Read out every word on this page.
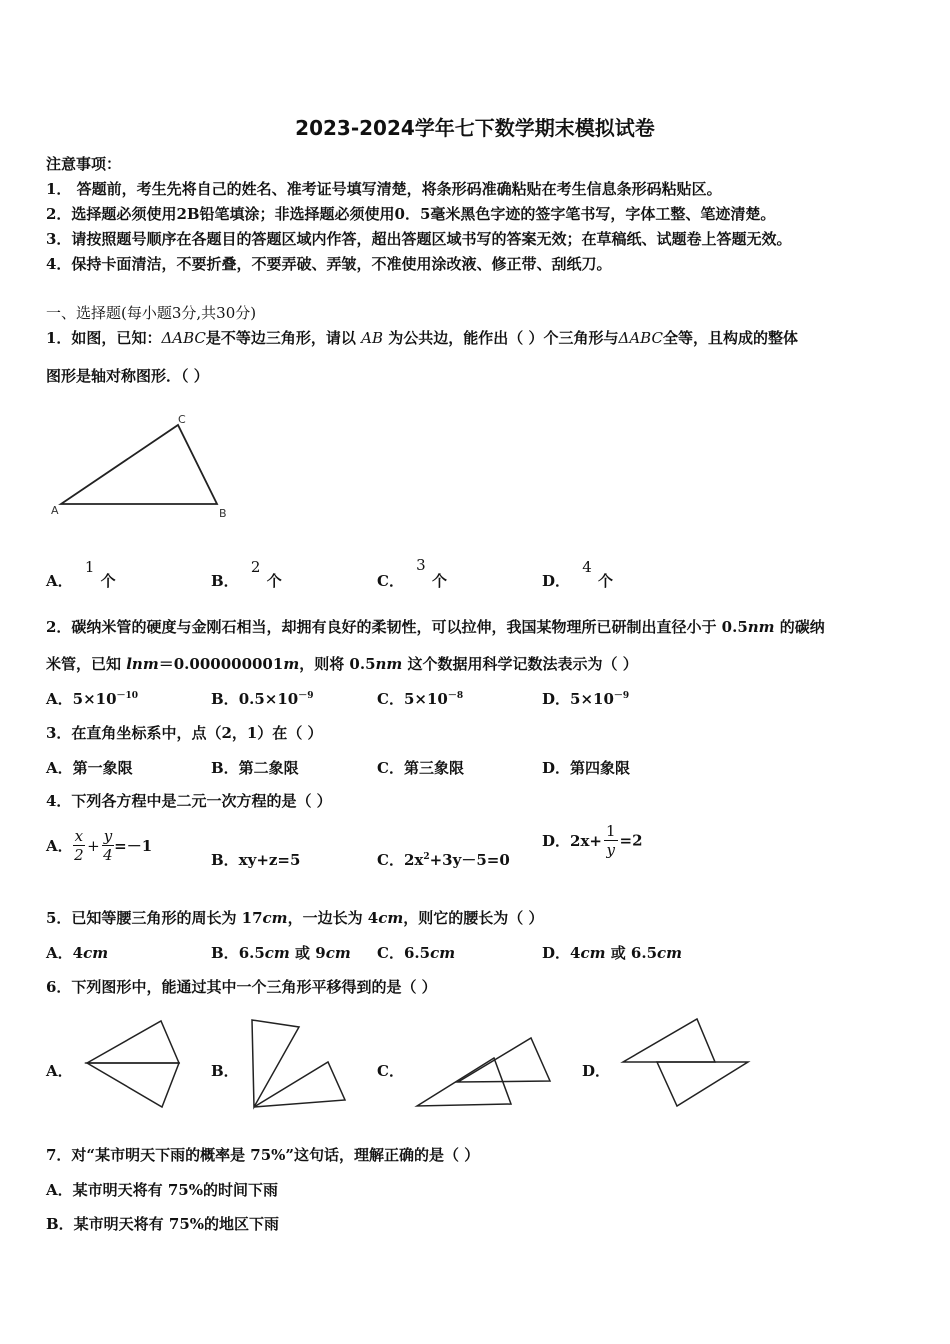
2023-2024学年七下数学期末模拟试卷
注意事项：
1． 答题前，考生先将自己的姓名、准考证号填写清楚，将条形码准确粘贴在考生信息条形码粘贴区。
2．选择题必须使用2B铅笔填涂；非选择题必须使用0．5毫米黑色字迹的签字笔书写，字体工整、笔迹清楚。
3．请按照题号顺序在各题目的答题区域内作答，超出答题区域书写的答案无效；在草稿纸、试题卷上答题无效。
4．保持卡面清洁，不要折叠，不要弄破、弄皱，不准使用涂改液、修正带、刮纸刀。
一、选择题(每小题3分,共30分)
1．如图，已知：ΔABC是不等边三角形，请以 AB 为公共边，能作出（ ）个三角形与ΔABC全等，且构成的整体
图形是轴对称图形．（ ）
A	B
C
A．1个	B．2个	C．3个	D．4个
2．碳纳米管的硬度与金刚石相当，却拥有良好的柔韧性，可以拉伸，我国某物理所已研制出直径小于 0.5nm 的碳纳
米管，已知 lnm＝0.000000001m，则将 0.5nm 这个数据用科学记数法表示为（ ）
A．$5\times 10^{-10}$	B．$0.5\times 10^{-9}$	C．$5\times 10^{-8}$	D．$5\times 10^{-9}$
3．在直角坐标系中，点（2，1）在（ ）
A．第一象限	B．第二象限	C．第三象限	D．第四象限
4．下列各方程中是二元一次方程的是（ ）
A． $\frac{x}{2} + \frac{y}{4} =-1$
B．xy+z=5	C．$2x^2+3y-5=0$
D．$2x+ \frac{1}{y} =2$
5．已知等腰三角形的周长为 17cm，一边长为 4cm，则它的腰长为（ ）
A．4cm	B．6.5cm 或 9cm C．6.5cm	D．4cm 或 6.5cm
6．下列图形中，能通过其中一个三角形平移得到的是（ ）
A．	B．	C．	D．
7．对“某市明天下雨的概率是 75%”这句话，理解正确的是（ ）
A．某市明天将有 75%的时间下雨
B．某市明天将有 75%的地区下雨
